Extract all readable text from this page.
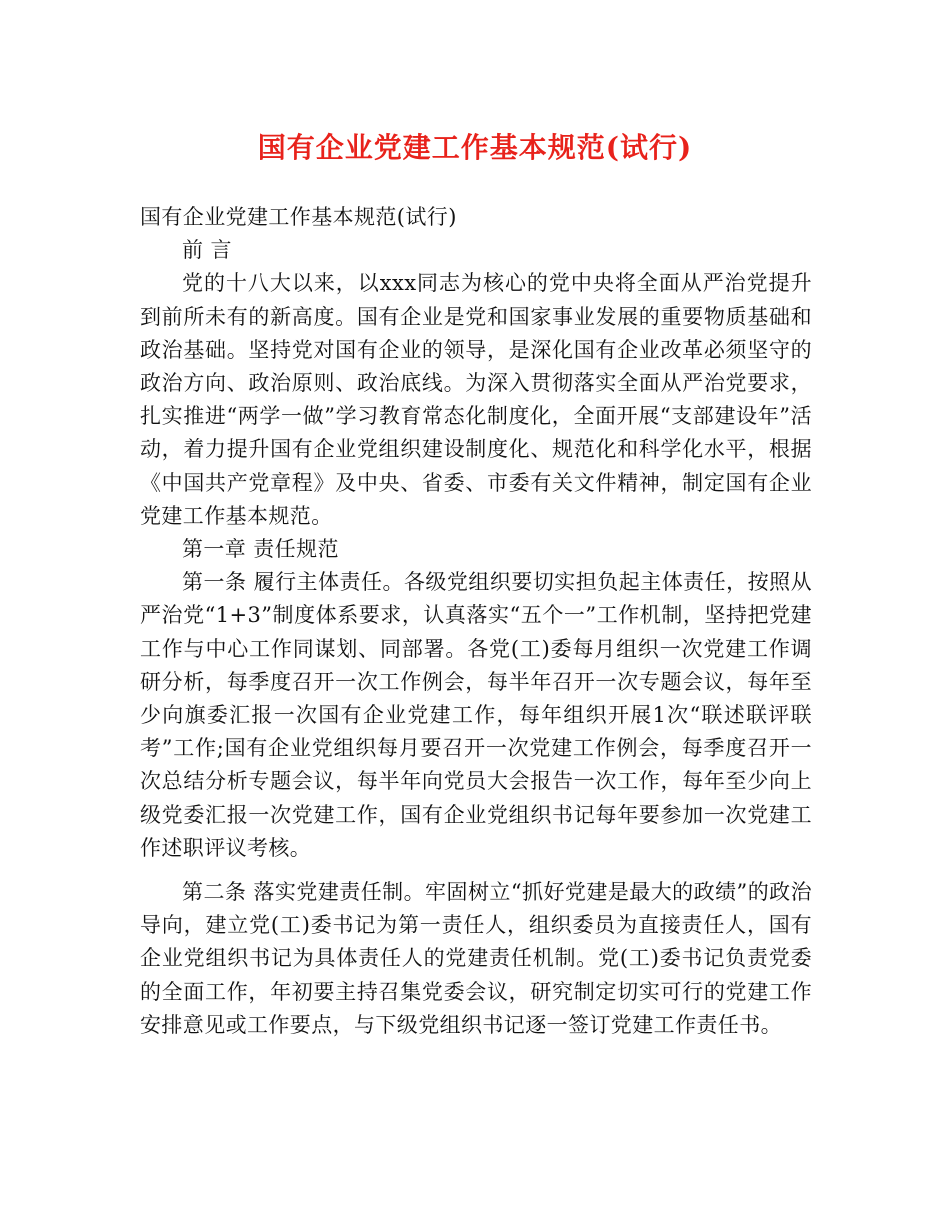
国有企业党建工作基本规范(试行)

国有企业党建工作基本规范(试行)

前 言

党的十八大以来，以xxx同志为核心的党中央将全面从严治党提升到前所未有的新高度。国有企业是党和国家事业发展的重要物质基础和政治基础。坚持党对国有企业的领导，是深化国有企业改革必须坚守的政治方向、政治原则、政治底线。为深入贯彻落实全面从严治党要求，扎实推进“两学一做”学习教育常态化制度化，全面开展“支部建设年”活动，着力提升国有企业党组织建设制度化、规范化和科学化水平，根据《中国共产党章程》及中央、省委、市委有关文件精神，制定国有企业党建工作基本规范。

第一章 责任规范

第一条 履行主体责任。各级党组织要切实担负起主体责任，按照从严治党“1+3”制度体系要求，认真落实“五个一”工作机制，坚持把党建工作与中心工作同谋划、同部署。各党(工)委每月组织一次党建工作调研分析，每季度召开一次工作例会，每半年召开一次专题会议，每年至少向旗委汇报一次国有企业党建工作，每年组织开展1次“联述联评联考”工作;国有企业党组织每月要召开一次党建工作例会，每季度召开一次总结分析专题会议，每半年向党员大会报告一次工作，每年至少向上级党委汇报一次党建工作，国有企业党组织书记每年要参加一次党建工作述职评议考核。

第二条 落实党建责任制。牢固树立“抓好党建是最大的政绩”的政治导向，建立党(工)委书记为第一责任人，组织委员为直接责任人，国有企业党组织书记为具体责任人的党建责任机制。党(工)委书记负责党委的全面工作，年初要主持召集党委会议，研究制定切实可行的党建工作安排意见或工作要点，与下级党组织书记逐一签订党建工作责任书。
